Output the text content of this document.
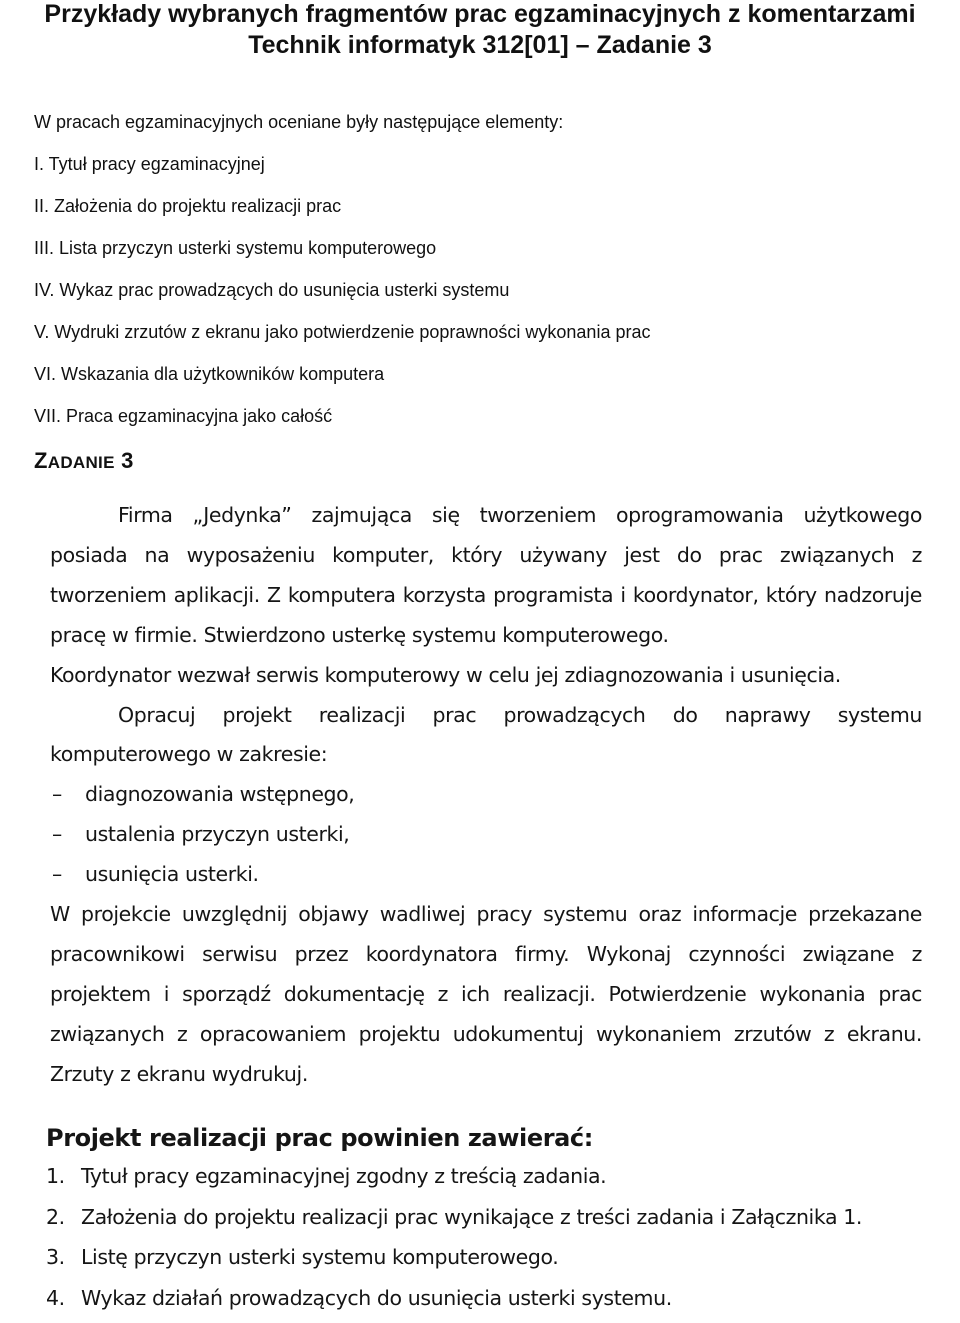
Przykłady wybranych fragmentów prac egzaminacyjnych z komentarzami
Technik informatyk 312[01] – Zadanie 3
W pracach egzaminacyjnych oceniane były następujące elementy:
I. Tytuł pracy egzaminacyjnej
II. Założenia do projektu realizacji prac
III. Lista przyczyn usterki systemu komputerowego
IV. Wykaz prac prowadzących do usunięcia usterki systemu
V. Wydruki zrzutów z ekranu jako potwierdzenie poprawności wykonania prac
VI. Wskazania dla użytkowników komputera
VII. Praca egzaminacyjna jako całość
ZADANIE 3

Firma „Jedynka” zajmująca się tworzeniem oprogramowania użytkowego posiada na wyposażeniu komputer, który używany jest do prac związanych z tworzeniem aplikacji. Z komputera korzysta programista i koordynator, który nadzoruje pracę w firmie. Stwierdzono usterkę systemu komputerowego.

Koordynator wezwał serwis komputerowy w celu jej zdiagnozowania i usunięcia.

Opracuj projekt realizacji prac prowadzących do naprawy systemu komputerowego w zakresie:

– diagnozowania wstępnego,
– ustalenia przyczyn usterki,
– usunięcia usterki.

W projekcie uwzględnij objawy wadliwej pracy systemu oraz informacje przekazane pracownikowi serwisu przez koordynatora firmy. Wykonaj czynności związane z projektem i sporządź dokumentację z ich realizacji. Potwierdzenie wykonania prac związanych z opracowaniem projektu udokumentuj wykonaniem zrzutów z ekranu. Zrzuty z ekranu wydrukuj.

Projekt realizacji prac powinien zawierać:
1. Tytuł pracy egzaminacyjnej zgodny z treścią zadania.
2. Założenia do projektu realizacji prac wynikające z treści zadania i Załącznika 1.
3. Listę przyczyn usterki systemu komputerowego.
4. Wykaz działań prowadzących do usunięcia usterki systemu.
